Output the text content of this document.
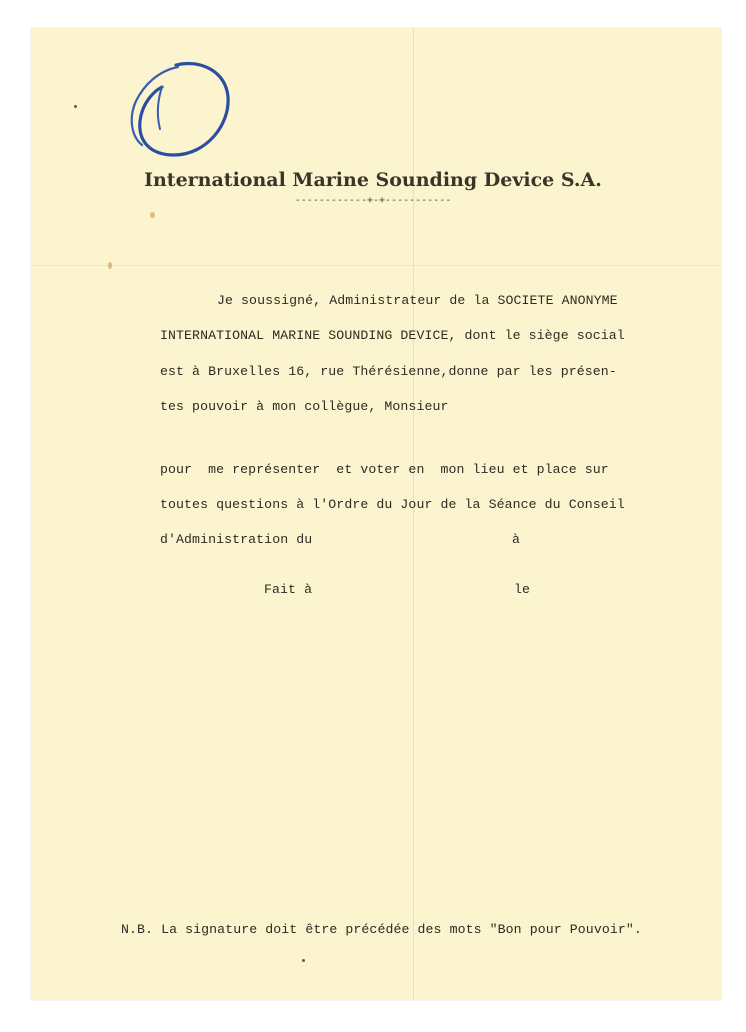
International Marine Sounding Device S.A.
------------+-+-----------
Je soussigné, Administrateur de la SOCIETE ANONYME
INTERNATIONAL MARINE SOUNDING DEVICE, dont le siège social
est à Bruxelles 16, rue Thérésienne,donne par les présen-
tes pouvoir à mon collègue, Monsieur
pour  me représenter  et voter en  mon lieu et place sur
toutes questions à l'Ordre du Jour de la Séance du Conseil
d'Administration du	à
Fait à	le
N.B. La signature doit être précédée des mots "Bon pour Pouvoir".
